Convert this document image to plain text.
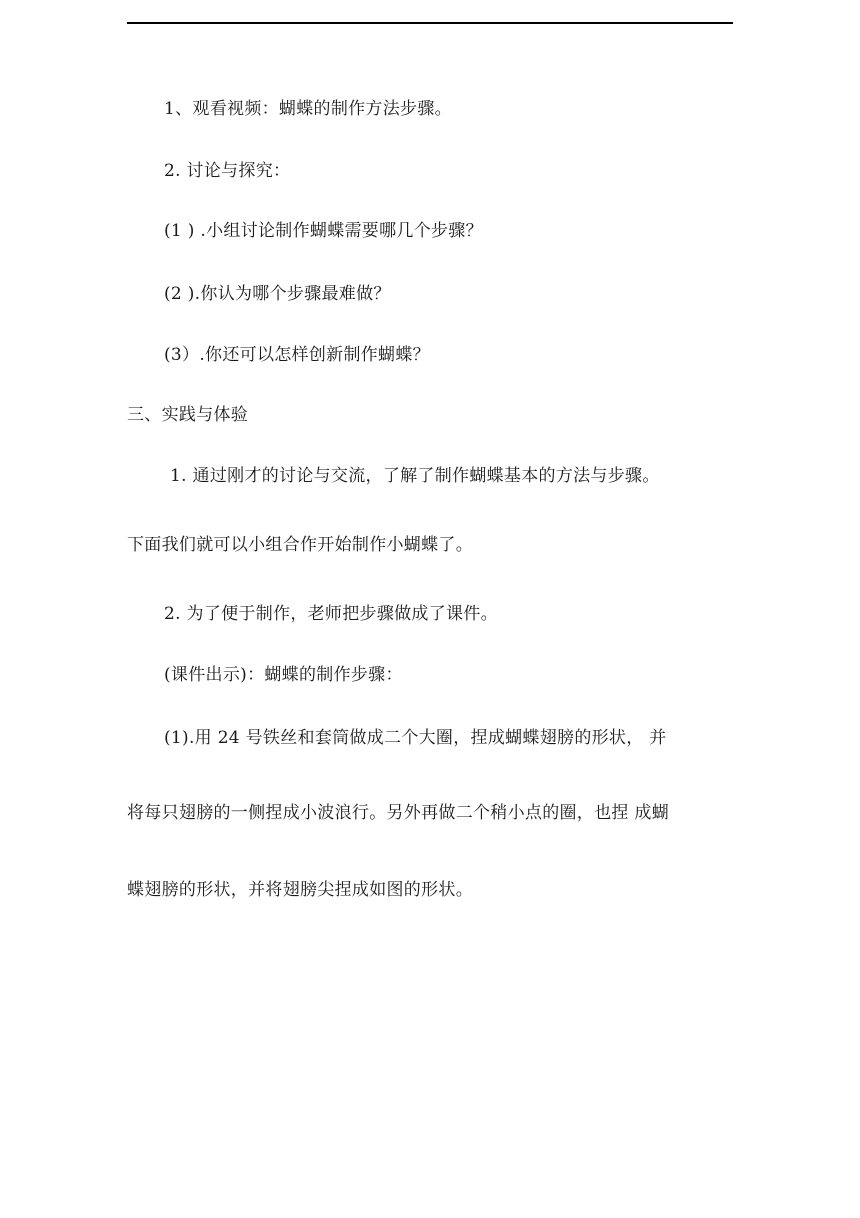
1、观看视频：蝴蝶的制作方法步骤。
2. 讨论与探究：
(1 ) .小组讨论制作蝴蝶需要哪几个步骤？
(2 ).你认为哪个步骤最难做？
(3）.你还可以怎样创新制作蝴蝶？
三、实践与体验
1. 通过刚才的讨论与交流，了解了制作蝴蝶基本的方法与步骤。
下面我们就可以小组合作开始制作小蝴蝶了。
2. 为了便于制作，老师把步骤做成了课件。
(课件出示)：蝴蝶的制作步骤：
(1).用 24 号铁丝和套筒做成二个大圈，捏成蝴蝶翅膀的形状， 并
将每只翅膀的一侧捏成小波浪行。另外再做二个稍小点的圈，也捏 成蝴
蝶翅膀的形状，并将翅膀尖捏成如图的形状。
